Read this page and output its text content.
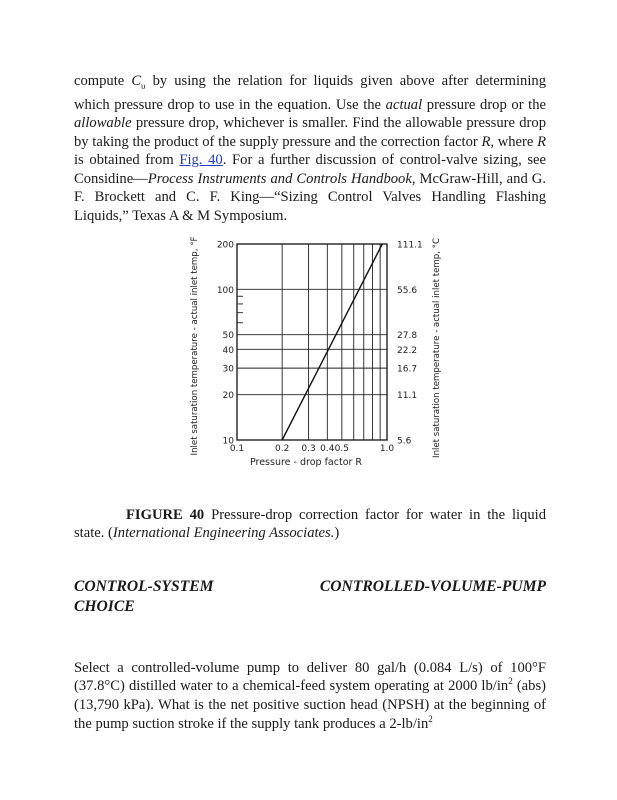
compute $C_\upsilon$ by using the relation for liquids given above after determining which pressure drop to use in the equation. Use the actual pressure drop or the allowable pressure drop, whichever is smaller. Find the allowable pressure drop by taking the product of the supply pressure and the correction factor R, where R is obtained from Fig. 40. For a further discussion of control-valve sizing, see Considine—Process Instruments and Controls Handbook, McGraw-Hill, and G. F. Brockett and C. F. King—“Sizing Control Valves Handling Flashing Liquids,” Texas A & M Symposium.

0.1	0.2 0.3 0.4 0.5	1.0
10
20
30
40
50
100
200
5.6
11.1
16.7
22.2
27.8
55.6
111.1
Pressure - drop factor R
Inlet saturation temperature - actual inlet temp, °F	Inlet saturation temperature - actual inlet temp, °C

FIGURE 40 Pressure-drop correction factor for water in the liquid state. (International Engineering Associates.)

CONTROL-SYSTEM CHOICE
CONTROLLED-VOLUME-PUMP

Select a controlled-volume pump to deliver 80 gal/h (0.084 L/s) of 100°F (37.8°C) distilled water to a chemical-feed system operating at 2000 $lb/in^2$ (abs) (13,790 kPa). What is the net positive suction head (NPSH) at the beginning of the pump suction stroke if the supply tank produces a $2-lb/in^2$
